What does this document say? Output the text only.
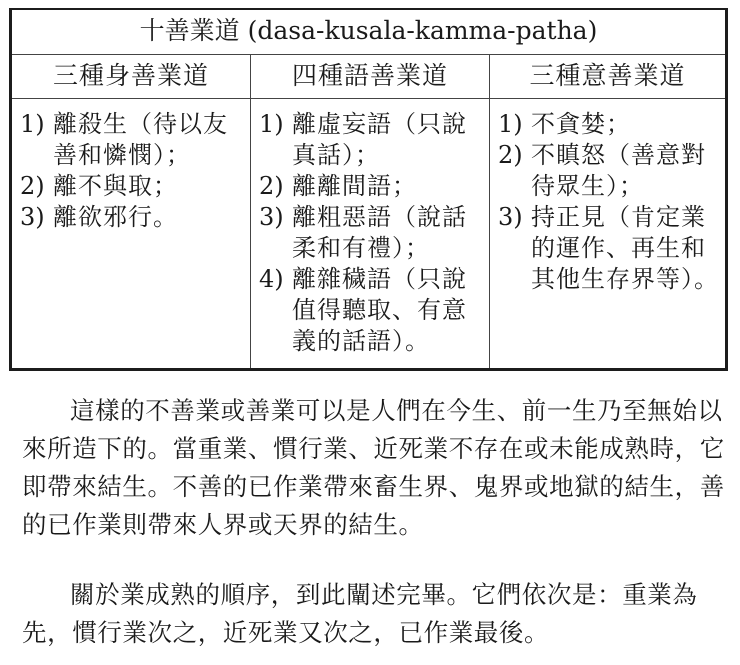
十善業道 (dasa-kusala-kamma-patha)
三種身善業道	四種語善業道	三種意善業道
1) 離殺生（待以友善和憐憫）；
2) 離不與取；
3) 離欲邪行。
1) 離虛妄語（只說真話）；
2) 離離間語；
3) 離粗惡語（說話柔和有禮）；
4) 離雜穢語（只說值得聽取、有意義的話語）。
1) 不貪婪；
2) 不瞋怒（善意對待眾生）；
3) 持正見（肯定業的運作、再生和其他生存界等）。

這樣的不善業或善業可以是人們在今生、前一生乃至無始以來所造下的。當重業、慣行業、近死業不存在或未能成熟時，它即帶來結生。不善的已作業帶來畜生界、鬼界或地獄的結生，善的已作業則帶來人界或天界的結生。

關於業成熟的順序，到此闡述完畢。它們依次是：重業為先，慣行業次之，近死業又次之，已作業最後。
